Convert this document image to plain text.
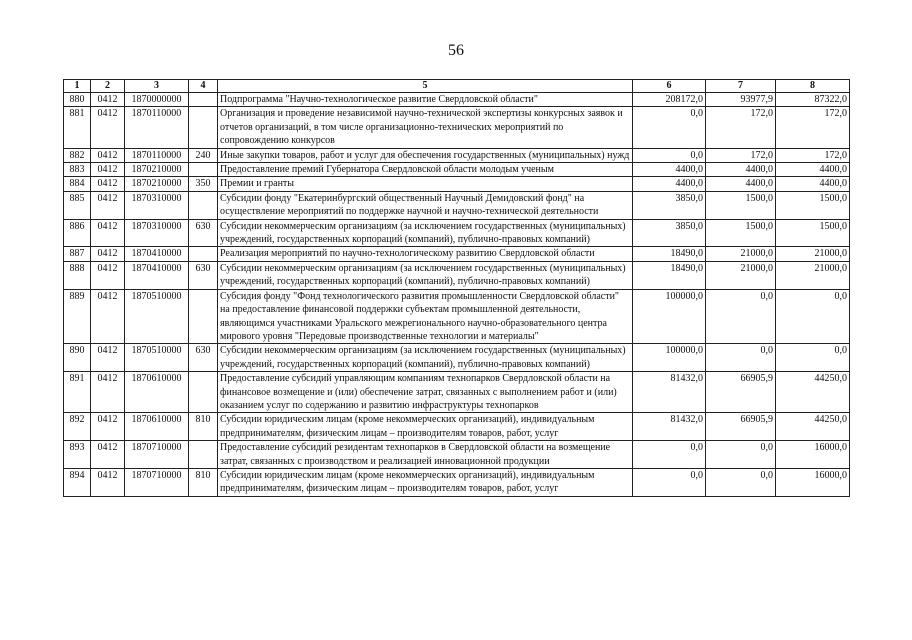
56
1	2	3	4	5	6	7	8
880	0412	1870000000		Подпрограмма "Научно-технологическое развитие Свердловской области"	208172,0	93977,9	87322,0
881	0412	1870110000		Организация и проведение независимой научно-технической экспертизы конкурсных заявок и отчетов организаций, в том числе организационно-технических мероприятий по сопровождению конкурсов	0,0	172,0	172,0
882	0412	1870110000	240	Иные закупки товаров, работ и услуг для обеспечения государственных (муниципальных) нужд	0,0	172,0	172,0
883	0412	1870210000		Предоставление премий Губернатора Свердловской области молодым ученым	4400,0	4400,0	4400,0
884	0412	1870210000	350	Премии и гранты	4400,0	4400,0	4400,0
885	0412	1870310000		Субсидии фонду "Екатеринбургский общественный Научный Демидовский фонд" на осуществление мероприятий по поддержке научной и научно-технической деятельности	3850,0	1500,0	1500,0
886	0412	1870310000	630	Субсидии некоммерческим организациям (за исключением государственных (муниципальных) учреждений, государственных корпораций (компаний), публично-правовых компаний)	3850,0	1500,0	1500,0
887	0412	1870410000		Реализация мероприятий по научно-технологическому развитию Свердловской области	18490,0	21000,0	21000,0
888	0412	1870410000	630	Субсидии некоммерческим организациям (за исключением государственных (муниципальных) учреждений, государственных корпораций (компаний), публично-правовых компаний)	18490,0	21000,0	21000,0
889	0412	1870510000		Субсидия фонду "Фонд технологического развития промышленности Свердловской области" на предоставление финансовой поддержки субъектам промышленной деятельности, являющимся участниками Уральского межрегионального научно-образовательного центра мирового уровня "Передовые производственные технологии и материалы"	100000,0	0,0	0,0
890	0412	1870510000	630	Субсидии некоммерческим организациям (за исключением государственных (муниципальных) учреждений, государственных корпораций (компаний), публично-правовых компаний)	100000,0	0,0	0,0
891	0412	1870610000		Предоставление субсидий управляющим компаниям технопарков Свердловской области на финансовое возмещение и (или) обеспечение затрат, связанных с выполнением работ и (или) оказанием услуг по содержанию и развитию инфраструктуры технопарков	81432,0	66905,9	44250,0
892	0412	1870610000	810	Субсидии юридическим лицам (кроме некоммерческих организаций), индивидуальным предпринимателям, физическим лицам – производителям товаров, работ, услуг	81432,0	66905,9	44250,0
893	0412	1870710000		Предоставление субсидий резидентам технопарков в Свердловской области на возмещение затрат, связанных с производством и реализацией инновационной продукции	0,0	0,0	16000,0
894	0412	1870710000	810	Субсидии юридическим лицам (кроме некоммерческих организаций), индивидуальным предпринимателям, физическим лицам – производителям товаров, работ, услуг	0,0	0,0	16000,0
